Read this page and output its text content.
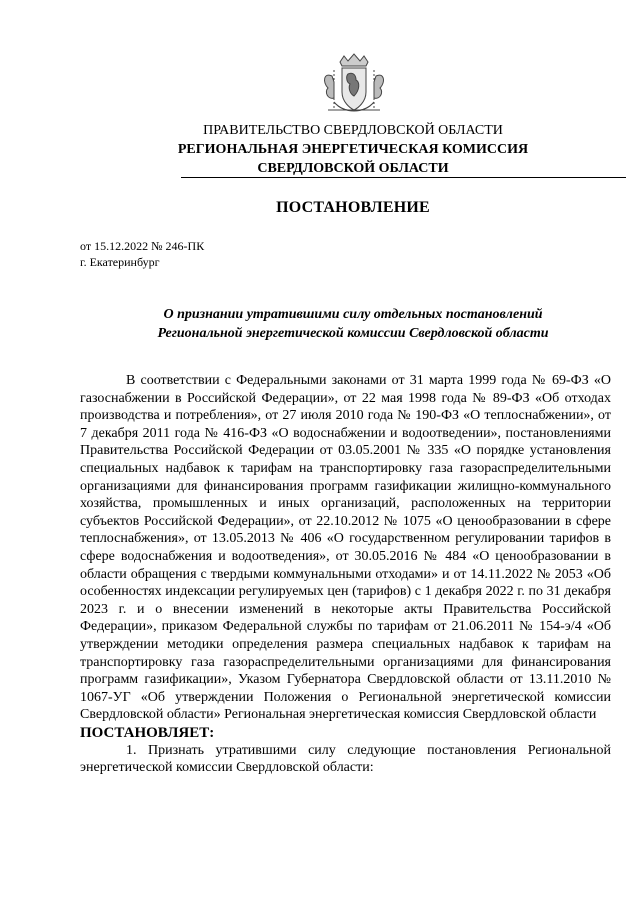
ПРАВИТЕЛЬСТВО СВЕРДЛОВСКОЙ ОБЛАСТИ
РЕГИОНАЛЬНАЯ ЭНЕРГЕТИЧЕСКАЯ КОМИССИЯ
СВЕРДЛОВСКОЙ ОБЛАСТИ
ПОСТАНОВЛЕНИЕ
от 15.12.2022 № 246-ПК
г. Екатеринбург
О признании утратившими силу отдельных постановлений
Региональной энергетической комиссии Свердловской области

В соответствии с Федеральными законами от 31 марта 1999 года № 69-ФЗ «О газоснабжении в Российской Федерации», от 22 мая 1998 года № 89-ФЗ «Об отходах производства и потребления», от 27 июля 2010 года № 190-ФЗ «О теплоснабжении», от 7 декабря 2011 года № 416-ФЗ «О водоснабжении и водоотведении», постановлениями Правительства Российской Федерации от 03.05.2001 № 335 «О порядке установления специальных надбавок к тарифам на транспортировку газа газораспределительными организациями для финансирования программ газификации жилищно-коммунального хозяйства, промышленных и иных организаций, расположенных на территории субъектов Российской Федерации», от 22.10.2012 № 1075 «О ценообразовании в сфере теплоснабжения», от 13.05.2013 № 406 «О государственном регулировании тарифов в сфере водоснабжения и водоотведения», от 30.05.2016 № 484 «О ценообразовании в области обращения с твердыми коммунальными отходами» и от 14.11.2022 № 2053 «Об особенностях индексации регулируемых цен (тарифов) с 1 декабря 2022 г. по 31 декабря 2023 г. и о внесении изменений в некоторые акты Правительства Российской Федерации», приказом Федеральной службы по тарифам от 21.06.2011 № 154-э/4 «Об утверждении методики определения размера специальных надбавок к тарифам на транспортировку газа газораспределительными организациями для финансирования программ газификации», Указом Губернатора Свердловской области от 13.11.2010 № 1067-УГ «Об утверждении Положения о Региональной энергетической комиссии Свердловской области» Региональная энергетическая комиссия Свердловской области

ПОСТАНОВЛЯЕТ:

1. Признать утратившими силу следующие постановления Региональной энергетической комиссии Свердловской области:
